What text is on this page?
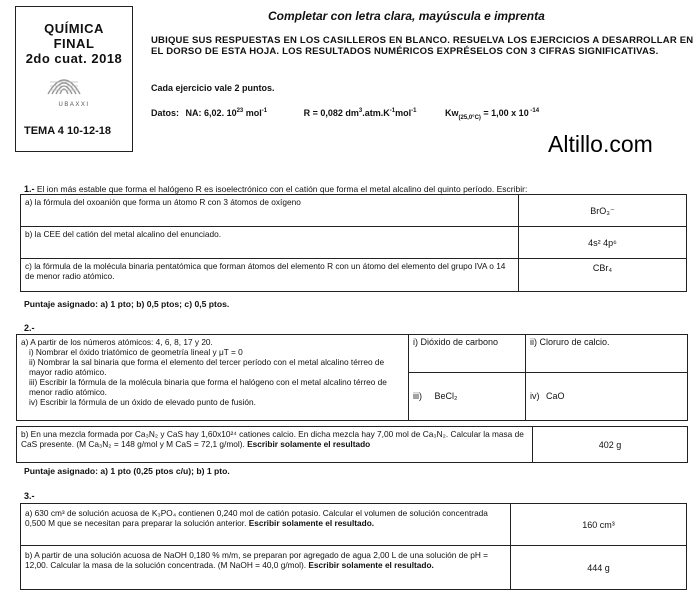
QUÍMICA
FINAL
2do cuat. 2018
UBAXXI
TEMA 4 10-12-18
Completar con letra clara, mayúscula e imprenta
UBIQUE SUS RESPUESTAS EN LOS CASILLEROS EN BLANCO. RESUELVA LOS EJERCICIOS A DESARROLLAR EN EL DORSO DE ESTA HOJA. LOS RESULTADOS NUMÉRICOS EXPRÉSELOS CON 3 CIFRAS SIGNIFICATIVAS.
Cada ejercicio vale 2 puntos.
Datos: NA: 6,02. $10^{23}$ mol$^{-1}$	R = 0,082 $dm^3.atm.K^{-1}mol^{-1}$	$Kw_{(25,0^\circ C)} = 1,00$ x 10 $^{-14}$
Altillo.com
1.- El ion más estable que forma el halógeno R es isoelectrónico con el catión que forma el metal alcalino del quinto período. Escribir:
a) la fórmula del oxoanión que forma un átomo R con 3 átomos de oxígeno	BrO₃⁻
b) la CEE del catión del metal alcalino del enunciado.	4s² 4p⁶
c) la fórmula de la molécula binaria pentatómica que forman átomos del elemento R con un átomo del elemento del grupo IVA o 14 de menor radio atómico.	CBr₄
Puntaje asignado: a) 1 pto; b) 0,5 ptos; c) 0,5 ptos.
2.-
a) A partir de los números atómicos: 4, 6, 8, 17 y 20.
i) Nombrar el óxido triatómico de geometría lineal y μT = 0
ii) Nombrar la sal binaria que forma el elemento del tercer período con el metal alcalino térreo de mayor radio atómico.
iii) Escribir la fórmula de la molécula binaria que forma el halógeno con el metal alcalino térreo de menor radio atómico.
iv) Escribir la fórmula de un óxido de elevado punto de fusión.	i) Dióxido de carbono	ii) Cloruro de calcio.
	iii) BeCl₂	iv) CaO
b) En una mezcla formada por Ca₃N₂ y CaS hay 1,60x10²⁴ cationes calcio. En dicha mezcla hay 7,00 mol de Ca₃N₂. Calcular la masa de CaS presente. (M Ca₃N₂ = 148 g/mol y M CaS = 72,1 g/mol). Escribir solamente el resultado	402 g
Puntaje asignado: a) 1 pto (0,25 ptos c/u); b) 1 pto.
3.-
a) 630 cm³ de solución acuosa de K₃PO₄ contienen 0,240 mol de catión potasio. Calcular el volumen de solución concentrada 0,500 M que se necesitan para preparar la solución anterior. Escribir solamente el resultado.	160 cm³
b) A partir de una solución acuosa de NaOH 0,180 % m/m, se preparan por agregado de agua 2,00 L de una solución de pH = 12,00. Calcular la masa de la solución concentrada. (M NaOH = 40,0 g/mol). Escribir solamente el resultado.	444 g
